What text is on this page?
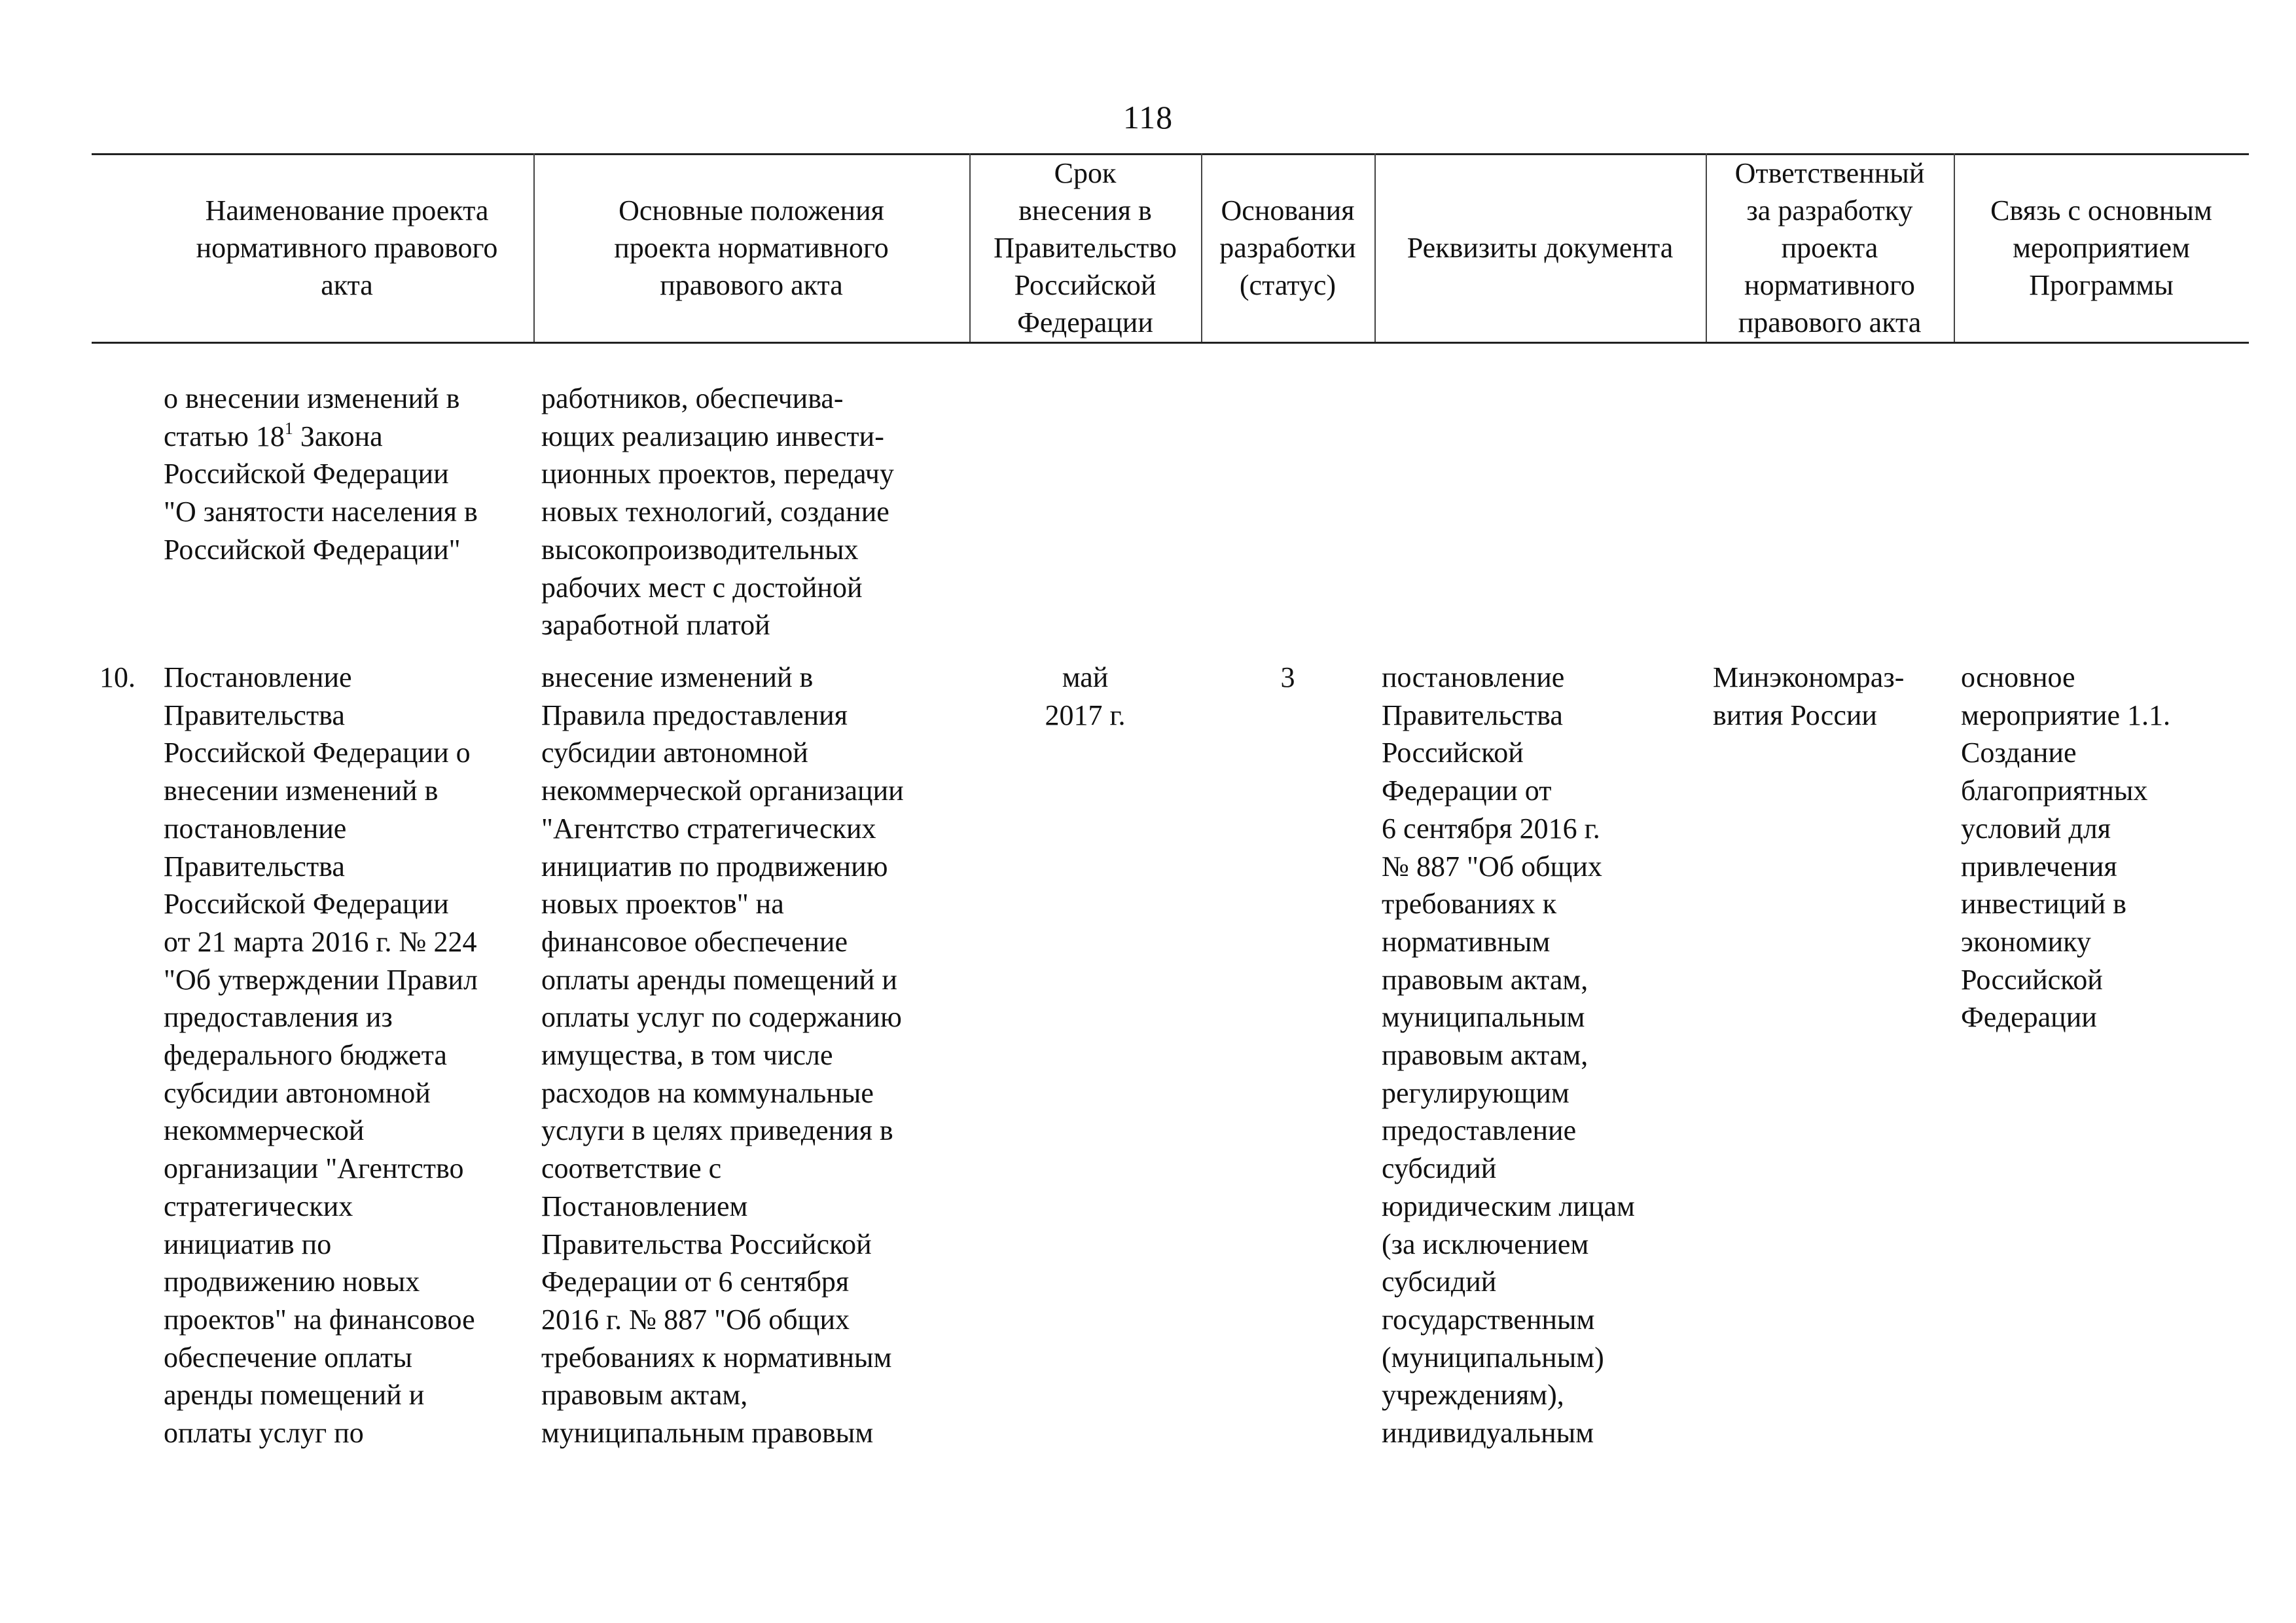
118
Наименование проекта
нормативного правового
акта
Основные положения
проекта нормативного
правового акта
Срок
внесения в
Правительство
Российской
Федерации
Основания
разработки
(статус)
Реквизиты документа
Ответственный
за разработку
проекта
нормативного
правового акта
Связь с основным
мероприятием
Программы
о внесении изменений в
статью $18^1$ Закона
Российской Федерации
"О занятости населения в
Российской Федерации"
работников, обеспечива-
ющих реализацию инвести-
ционных проектов, передачу
новых технологий, создание
высокопроизводительных
рабочих мест с достойной
заработной платой
10. Постановление
Правительства
Российской Федерации о
внесении изменений в
постановление
Правительства
Российской Федерации
от 21 марта 2016 г. № 224
"Об утверждении Правил
предоставления из
федерального бюджета
субсидии автономной
некоммерческой
организации "Агентство
стратегических
инициатив по
продвижению новых
проектов" на финансовое
обеспечение оплаты
аренды помещений и
оплаты услуг по
внесение изменений в
Правила предоставления
субсидии автономной
некоммерческой организации
"Агентство стратегических
инициатив по продвижению
новых проектов" на
финансовое обеспечение
оплаты аренды помещений и
оплаты услуг по содержанию
имущества, в том числе
расходов на коммунальные
услуги в целях приведения в
соответствие с
Постановлением
Правительства Российской
Федерации от 6 сентября
2016 г. № 887 "Об общих
требованиях к нормативным
правовым актам,
муниципальным правовым
май
2017 г.
3	постановление
Правительства
Российской
Федерации от
6 сентября 2016 г.
№ 887 "Об общих
требованиях к
нормативным
правовым актам,
муниципальным
правовым актам,
регулирующим
предоставление
субсидий
юридическим лицам
(за исключением
субсидий
государственным
(муниципальным)
учреждениям),
индивидуальным
Минэкономраз-
вития России
основное
мероприятие 1.1.
Создание
благоприятных
условий для
привлечения
инвестиций в
экономику
Российской
Федерации
